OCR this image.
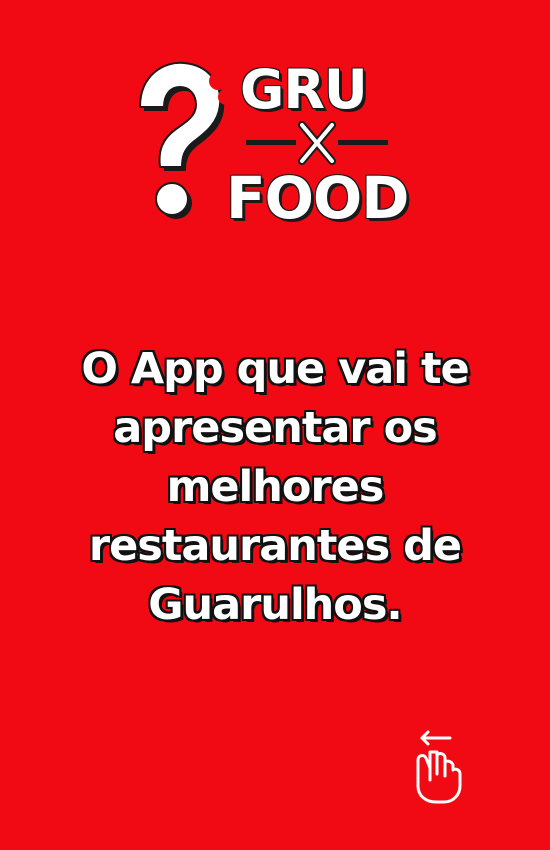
GRU
FOOD
O App que vai te
apresentar os
melhores
restaurantes de
Guarulhos.
